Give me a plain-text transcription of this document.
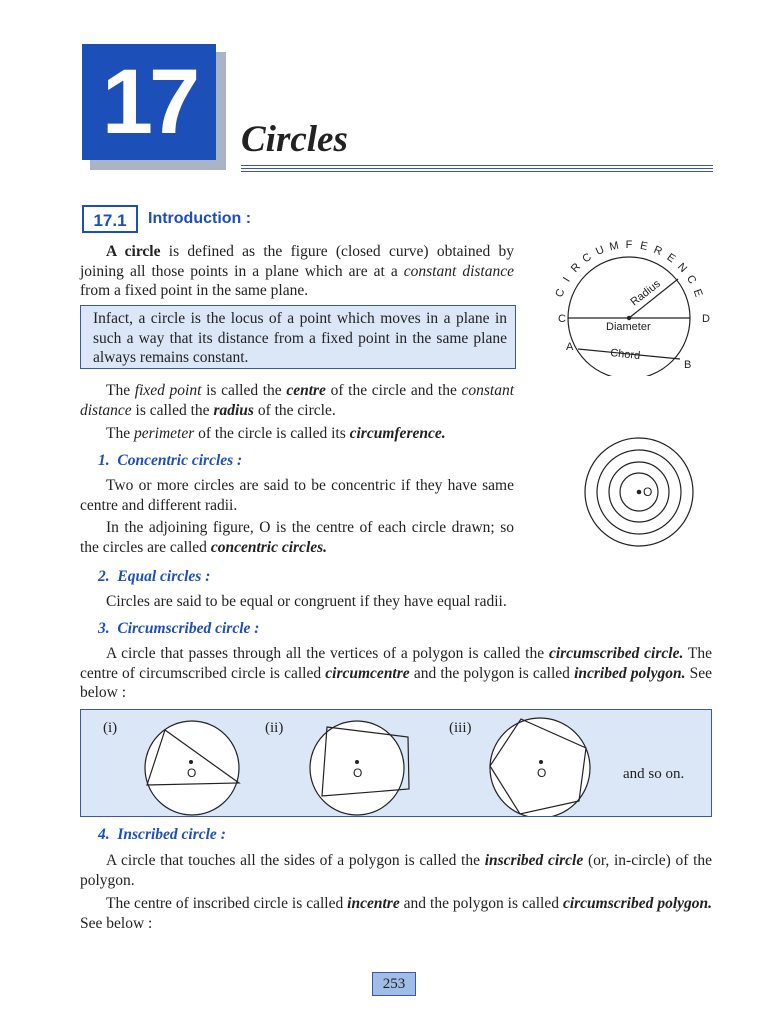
17	Circles
17.1	Introduction :
A circle is defined as the figure (closed curve) obtained by joining all those points in a plane which are at a constant distance from a fixed point in the same plane.
Infact, a circle is the locus of a point which moves in a plane in such a way that its distance from a fixed point in the same plane always remains constant.
The fixed point is called the centre of the circle and the constant distance is called the radius of the circle.
The perimeter of the circle is called its circumference.
1. Concentric circles :
Two or more circles are said to be concentric if they have same centre and different radii.
In the adjoining figure, O is the centre of each circle drawn; so the circles are called concentric circles.
2. Equal circles :
Circles are said to be equal or congruent if they have equal radii.
3. Circumscribed circle :
A circle that passes through all the vertices of a polygon is called the circumscribed circle. The centre of circumscribed circle is called circumcentre and the polygon is called incribed polygon. See below :
(i)	(ii)	(iii)
O	O	O	and so on.
4. Inscribed circle :
A circle that touches all the sides of a polygon is called the inscribed circle (or, in-circle) of the polygon.
The centre of inscribed circle is called incentre and the polygon is called circumscribed polygon. See below :
C
I
R
C
U M F E R
E
N
C
E
Radius
Diameter
Chord
C	D
A
B
O
253
